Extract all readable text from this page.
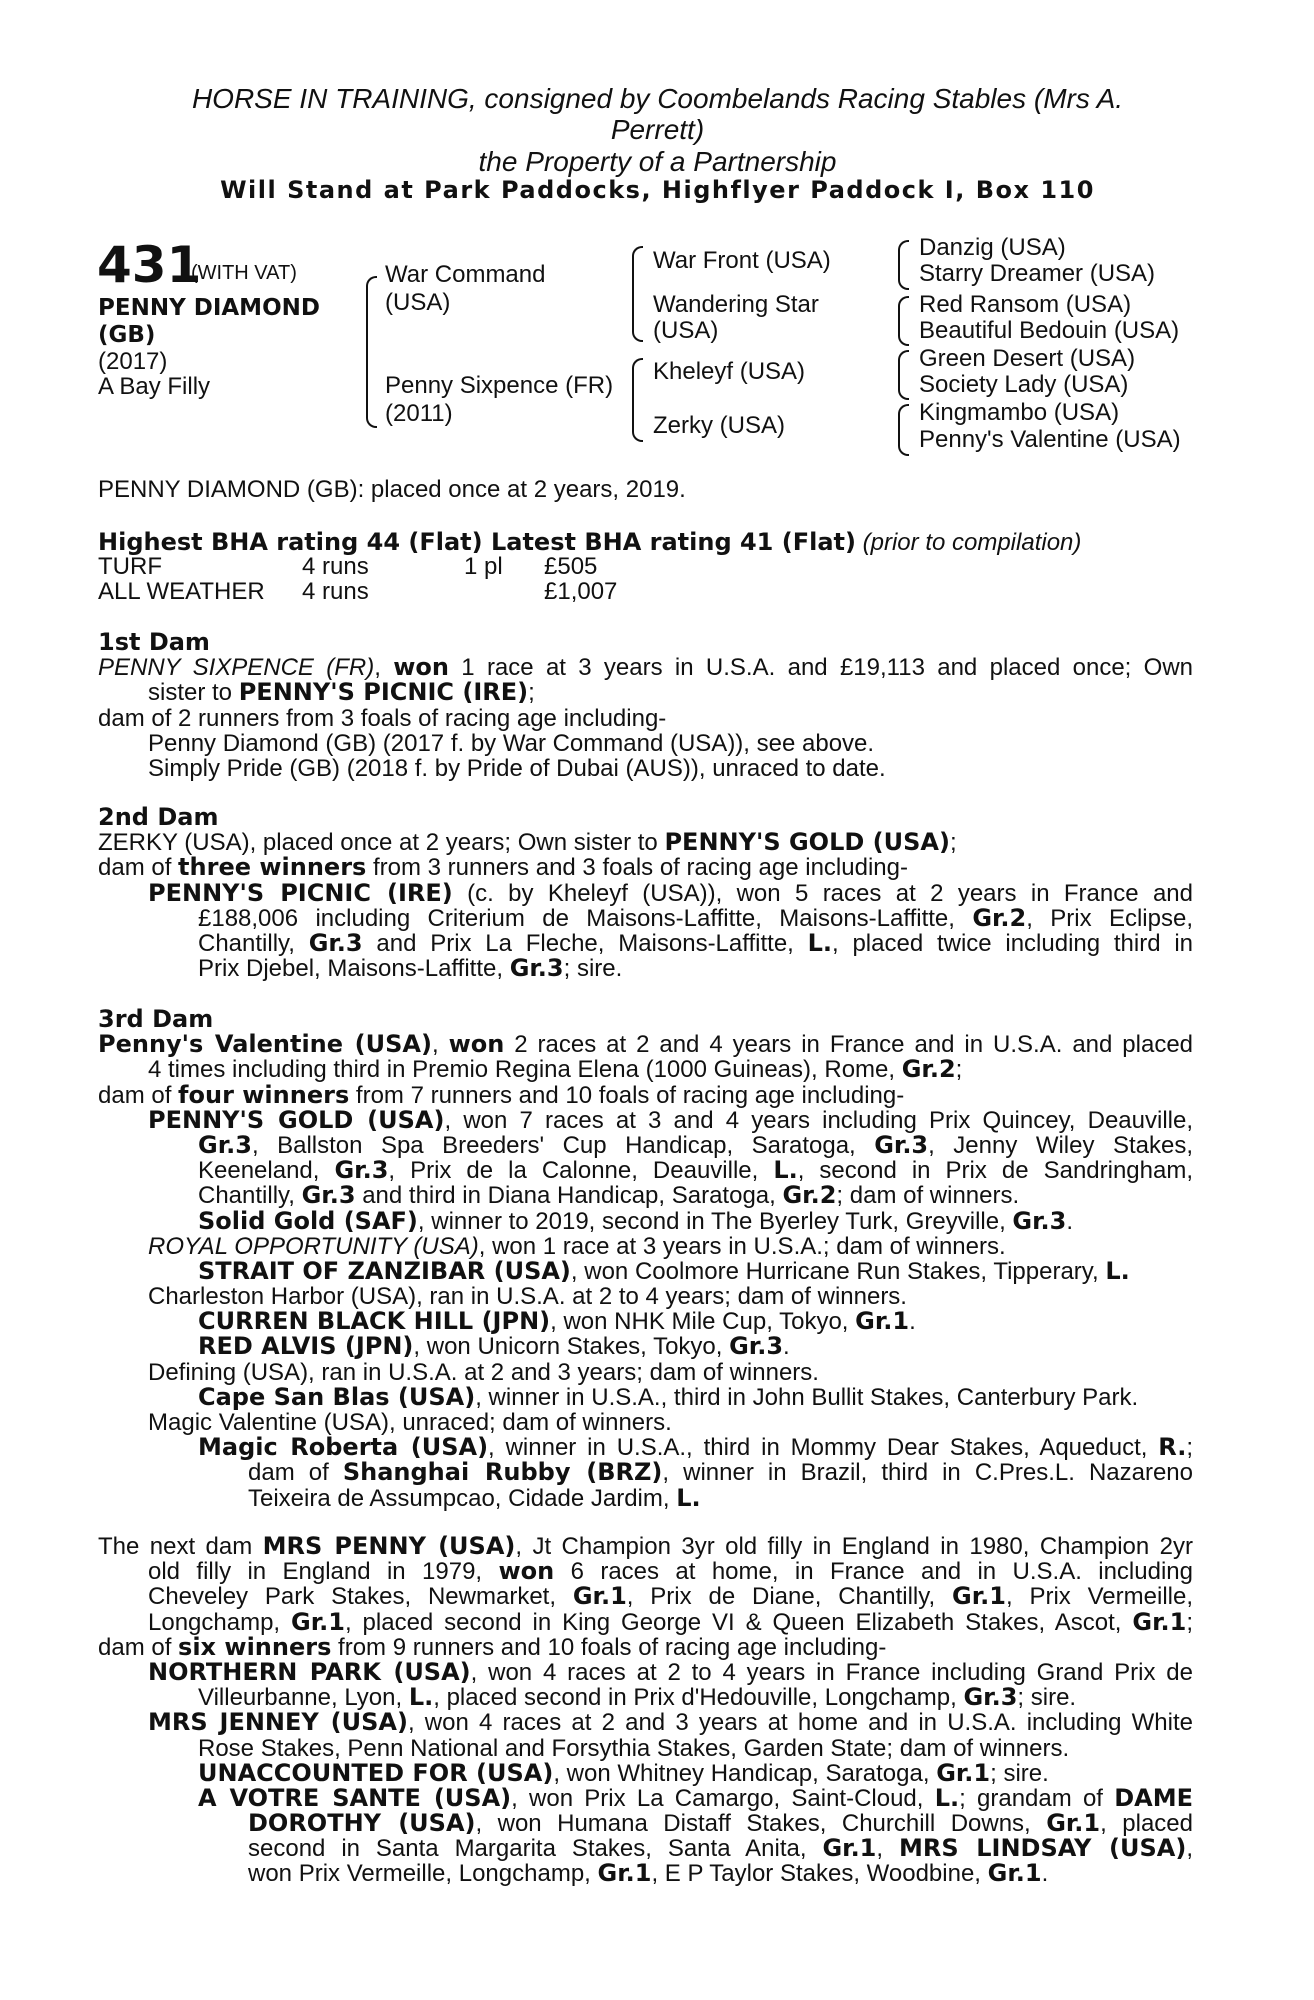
HORSE IN TRAINING, consigned by Coombelands Racing Stables (Mrs A.
Perrett)
the Property of a Partnership
Will Stand at Park Paddocks, Highflyer Paddock I, Box 110
431
(WITH VAT)
PENNY DIAMOND
(GB)
(2017)
A Bay Filly
War Command
(USA)
Penny Sixpence (FR)
(2011)
War Front (USA)
Wandering Star
(USA)
Kheleyf (USA)
Zerky (USA)
Danzig (USA)
Starry Dreamer (USA)
Red Ransom (USA)
Beautiful Bedouin (USA)
Green Desert (USA)
Society Lady (USA)
Kingmambo (USA)
Penny's Valentine (USA)
PENNY DIAMOND (GB): placed once at 2 years, 2019.
Highest BHA rating 44 (Flat) Latest BHA rating 41 (Flat) (prior to compilation)
TURF	4 runs	1 pl £505
ALL WEATHER 4 runs	£1,007
1st Dam
PENNY SIXPENCE (FR), won 1 race at 3 years in U.S.A. and £19,113 and placed once; Own
sister to PENNY'S PICNIC (IRE);
dam of 2 runners from 3 foals of racing age including-
Penny Diamond (GB) (2017 f. by War Command (USA)), see above.
Simply Pride (GB) (2018 f. by Pride of Dubai (AUS)), unraced to date.
2nd Dam
ZERKY (USA), placed once at 2 years; Own sister to PENNY'S GOLD (USA);
dam of three winners from 3 runners and 3 foals of racing age including-
PENNY'S PICNIC (IRE) (c. by Kheleyf (USA)), won 5 races at 2 years in France and
£188,006 including Criterium de Maisons-Laffitte, Maisons-Laffitte, Gr.2, Prix Eclipse,
Chantilly, Gr.3 and Prix La Fleche, Maisons-Laffitte, L., placed twice including third in
Prix Djebel, Maisons-Laffitte, Gr.3; sire.
3rd Dam
Penny's Valentine (USA), won 2 races at 2 and 4 years in France and in U.S.A. and placed
4 times including third in Premio Regina Elena (1000 Guineas), Rome, Gr.2;
dam of four winners from 7 runners and 10 foals of racing age including-
PENNY'S GOLD (USA), won 7 races at 3 and 4 years including Prix Quincey, Deauville,
Gr.3, Ballston Spa Breeders' Cup Handicap, Saratoga, Gr.3, Jenny Wiley Stakes,
Keeneland, Gr.3, Prix de la Calonne, Deauville, L., second in Prix de Sandringham,
Chantilly, Gr.3 and third in Diana Handicap, Saratoga, Gr.2; dam of winners.
Solid Gold (SAF), winner to 2019, second in The Byerley Turk, Greyville, Gr.3.
ROYAL OPPORTUNITY (USA), won 1 race at 3 years in U.S.A.; dam of winners.
STRAIT OF ZANZIBAR (USA), won Coolmore Hurricane Run Stakes, Tipperary, L.
Charleston Harbor (USA), ran in U.S.A. at 2 to 4 years; dam of winners.
CURREN BLACK HILL (JPN), won NHK Mile Cup, Tokyo, Gr.1.
RED ALVIS (JPN), won Unicorn Stakes, Tokyo, Gr.3.
Defining (USA), ran in U.S.A. at 2 and 3 years; dam of winners.
Cape San Blas (USA), winner in U.S.A., third in John Bullit Stakes, Canterbury Park.
Magic Valentine (USA), unraced; dam of winners.
Magic Roberta (USA), winner in U.S.A., third in Mommy Dear Stakes, Aqueduct, R.;
dam of Shanghai Rubby (BRZ), winner in Brazil, third in C.Pres.L. Nazareno
Teixeira de Assumpcao, Cidade Jardim, L.
The next dam MRS PENNY (USA), Jt Champion 3yr old filly in England in 1980, Champion 2yr
old filly in England in 1979, won 6 races at home, in France and in U.S.A. including
Cheveley Park Stakes, Newmarket, Gr.1, Prix de Diane, Chantilly, Gr.1, Prix Vermeille,
Longchamp, Gr.1, placed second in King George VI & Queen Elizabeth Stakes, Ascot, Gr.1;
dam of six winners from 9 runners and 10 foals of racing age including-
NORTHERN PARK (USA), won 4 races at 2 to 4 years in France including Grand Prix de
Villeurbanne, Lyon, L., placed second in Prix d'Hedouville, Longchamp, Gr.3; sire.
MRS JENNEY (USA), won 4 races at 2 and 3 years at home and in U.S.A. including White
Rose Stakes, Penn National and Forsythia Stakes, Garden State; dam of winners.
UNACCOUNTED FOR (USA), won Whitney Handicap, Saratoga, Gr.1; sire.
A VOTRE SANTE (USA), won Prix La Camargo, Saint-Cloud, L.; grandam of DAME
DOROTHY (USA), won Humana Distaff Stakes, Churchill Downs, Gr.1, placed
second in Santa Margarita Stakes, Santa Anita, Gr.1, MRS LINDSAY (USA),
won Prix Vermeille, Longchamp, Gr.1, E P Taylor Stakes, Woodbine, Gr.1.
